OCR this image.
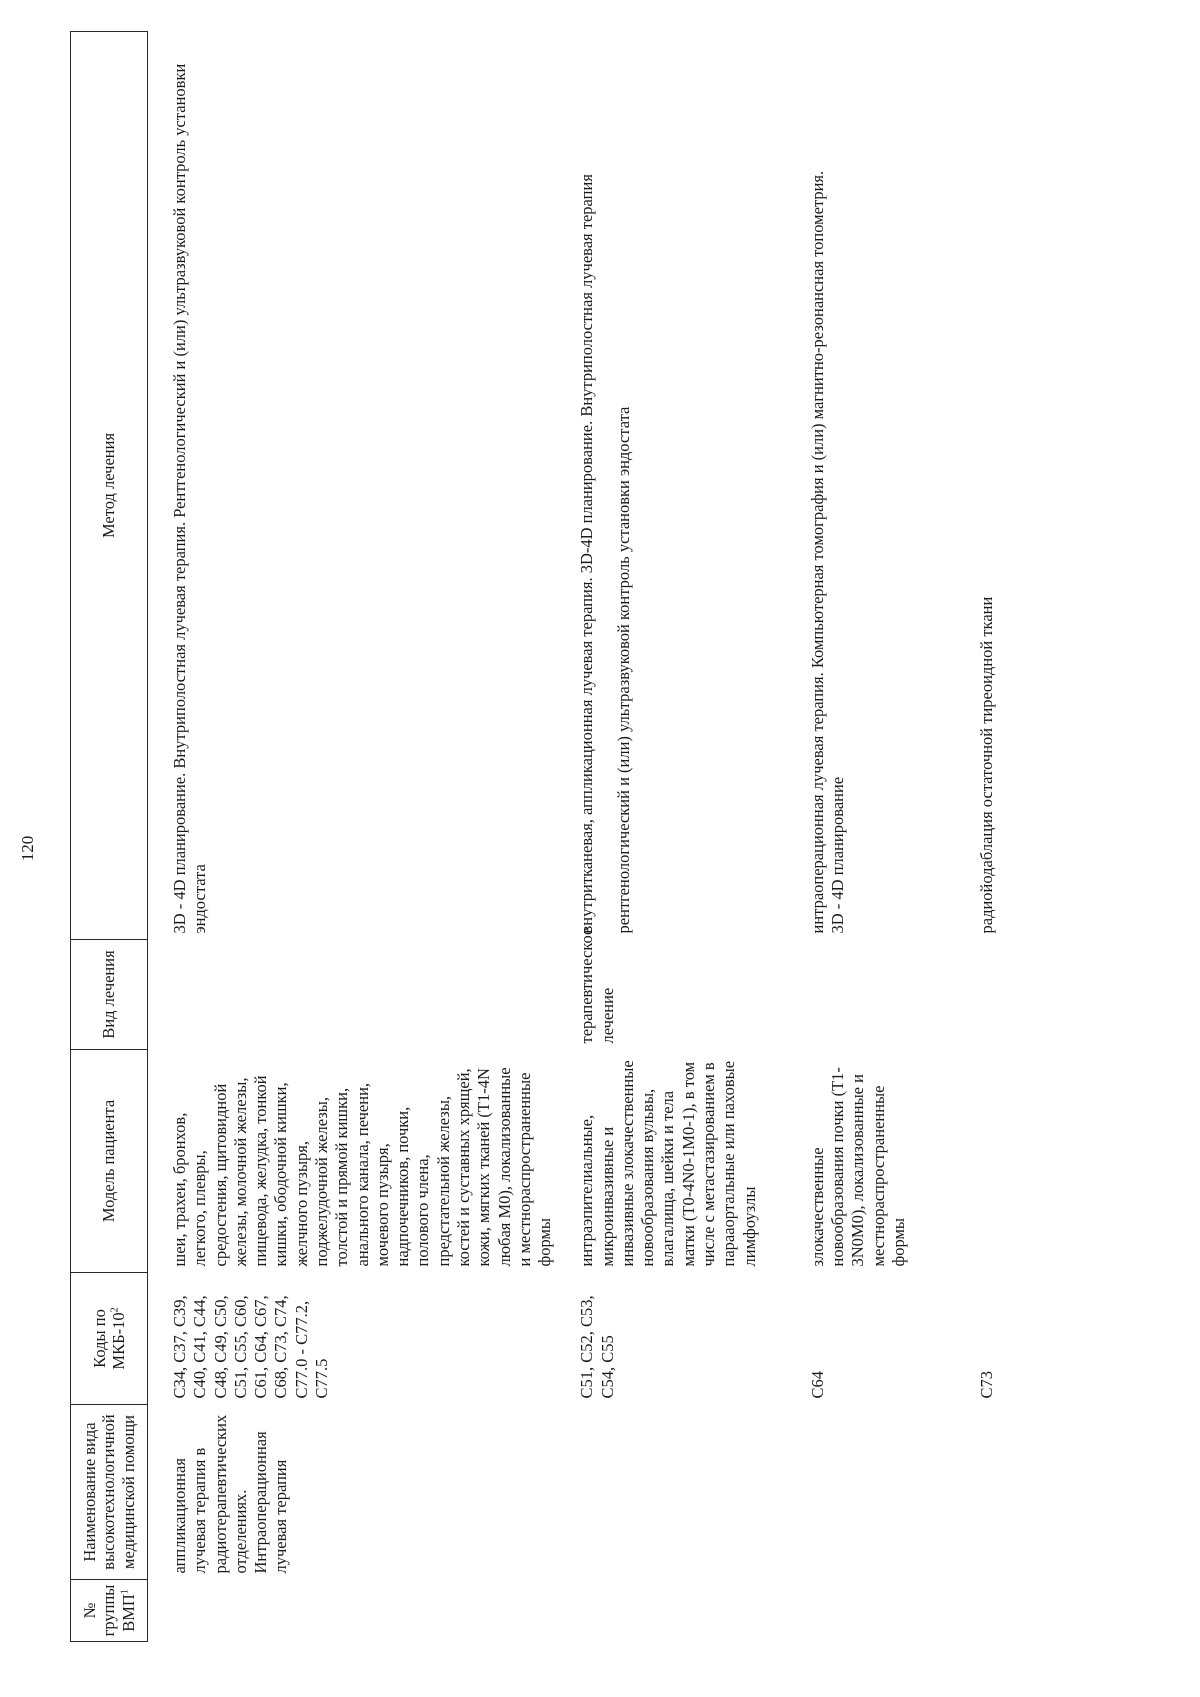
120
№ группы ВМП$^1$	Наименование вида высокотехнологичной медицинской помощи	Коды по МКБ-$10^2$	Модель пациента	Вид лечения	Метод лечения

	аппликационная лучевая терапия в радиотерапевтических отделениях. Интраоперационная лучевая терапия	C34, C37, C39, C40, C41, C44, C48, C49, C50, C51, C55, C60, C61, C64, C67, C68, C73, C74, C77.0 - C77.2, C77.5	шеи, трахеи, бронхов, легкого, плевры, средостения, щитовидной железы, молочной железы, пищевода, желудка, тонкой кишки, ободочной кишки, желчного пузыря, поджелудочной железы, толстой и прямой кишки, анального канала, печени, мочевого пузыря, надпочечников, почки, полового члена, предстательной железы, костей и суставных хрящей, кожи, мягких тканей (T1-4N любая M0), локализованные и местнораспространенные формы		3D - 4D планирование. Внутриполостная лучевая терапия. Рентгенологический и (или) ультразвуковой контроль установки эндостата

		C51, C52, C53, C54, C55	интраэпителиальные, микроинвазивные и инвазивные злокачественные новообразования вульвы, влагалища, шейки и тела матки (T0-4N0-1M0-1), в том числе с метастазированием в парааортальные или паховые лимфоузлы	терапевтическое лечение	внутритканевая, аппликационная лучевая терапия. 3D-4D планирование. Внутриполостная лучевая терапия рентгенологический и (или) ультразвуковой контроль установки эндостата

		C64	злокачественные новообразования почки (T1-3N0M0), локализованные и местнораспространенные формы		интраоперационная лучевая терапия. Компьютерная томография и (или) магнитно-резонансная топометрия. 3D - 4D планирование

		C73			радиойодаблация остаточной тиреоидной ткани
